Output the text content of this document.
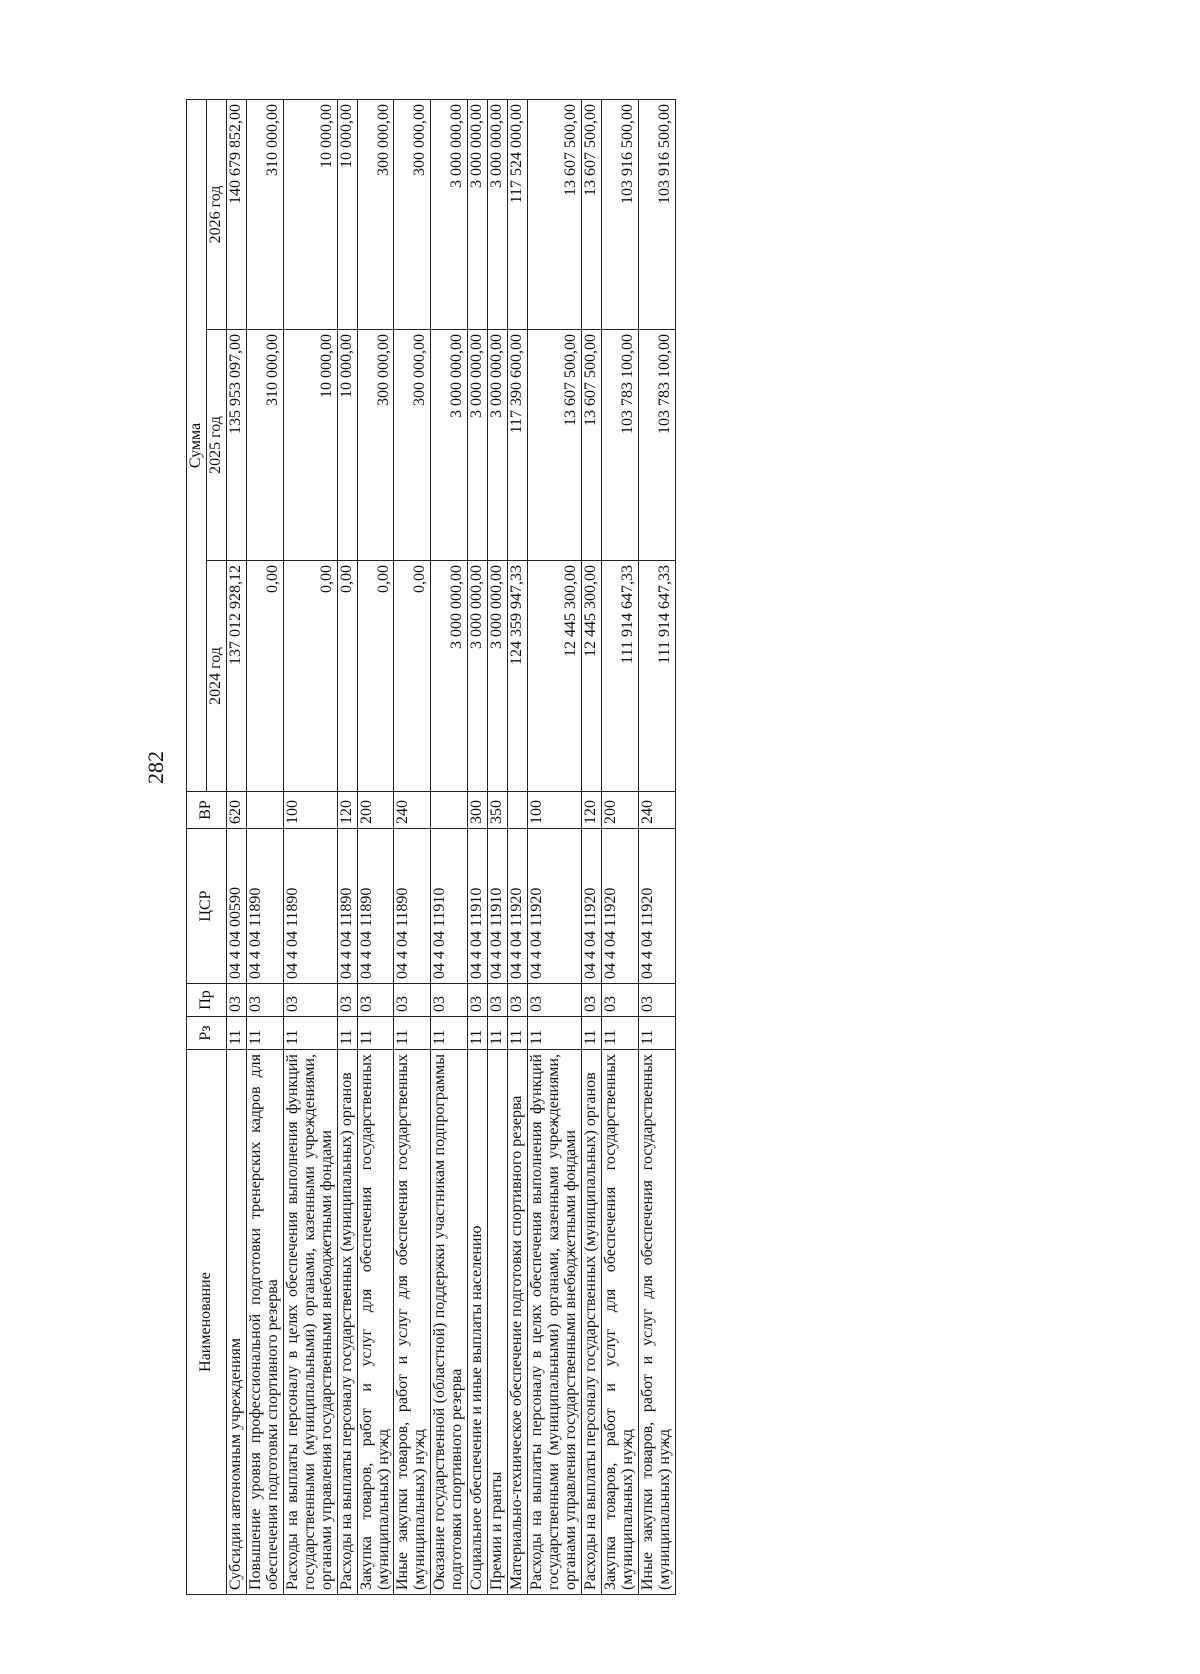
282
Наименование	Рз	Пр	ЦСР	ВР	Сумма		
					2024 год	2025 год	2026 год
Субсидии автономным учреждениям	11	03	04 4 04 00590	620	137 012 928,12	135 953 097,00	140 679 852,00
Повышение уровня профессиональной подготовки тренерских кадров для обеспечения подготовки спортивного резерва	11	03	04 4 04 11890		0,00	310 000,00	310 000,00
Расходы на выплаты персоналу в целях обеспечения выполнения функций государственными (муниципальными) органами, казенными учреждениями, органами управления государственными внебюджетными фондами	11	03	04 4 04 11890	100	0,00	10 000,00	10 000,00
Расходы на выплаты персоналу государственных (муниципальных) органов	11	03	04 4 04 11890	120	0,00	10 000,00	10 000,00
Закупка товаров, работ и услуг для обеспечения государственных (муниципальных) нужд	11	03	04 4 04 11890	200	0,00	300 000,00	300 000,00
Иные закупки товаров, работ и услуг для обеспечения государственных (муниципальных) нужд	11	03	04 4 04 11890	240	0,00	300 000,00	300 000,00
Оказание государственной (областной) поддержки участникам подпрограммы подготовки спортивного резерва	11	03	04 4 04 11910		3 000 000,00	3 000 000,00	3 000 000,00
Социальное обеспечение и иные выплаты населению	11	03	04 4 04 11910	300	3 000 000,00	3 000 000,00	3 000 000,00
Премии и гранты	11	03	04 4 04 11910	350	3 000 000,00	3 000 000,00	3 000 000,00
Материально-техническое обеспечение подготовки спортивного резерва	11	03	04 4 04 11920		124 359 947,33	117 390 600,00	117 524 000,00
Расходы на выплаты персоналу в целях обеспечения выполнения функций государственными (муниципальными) органами, казенными учреждениями, органами управления государственными внебюджетными фондами	11	03	04 4 04 11920	100	12 445 300,00	13 607 500,00	13 607 500,00
Расходы на выплаты персоналу государственных (муниципальных) органов	11	03	04 4 04 11920	120	12 445 300,00	13 607 500,00	13 607 500,00
Закупка товаров, работ и услуг для обеспечения государственных (муниципальных) нужд	11	03	04 4 04 11920	200	111 914 647,33	103 783 100,00	103 916 500,00
Иные закупки товаров, работ и услуг для обеспечения государственных (муниципальных) нужд	11	03	04 4 04 11920	240	111 914 647,33	103 783 100,00	103 916 500,00
